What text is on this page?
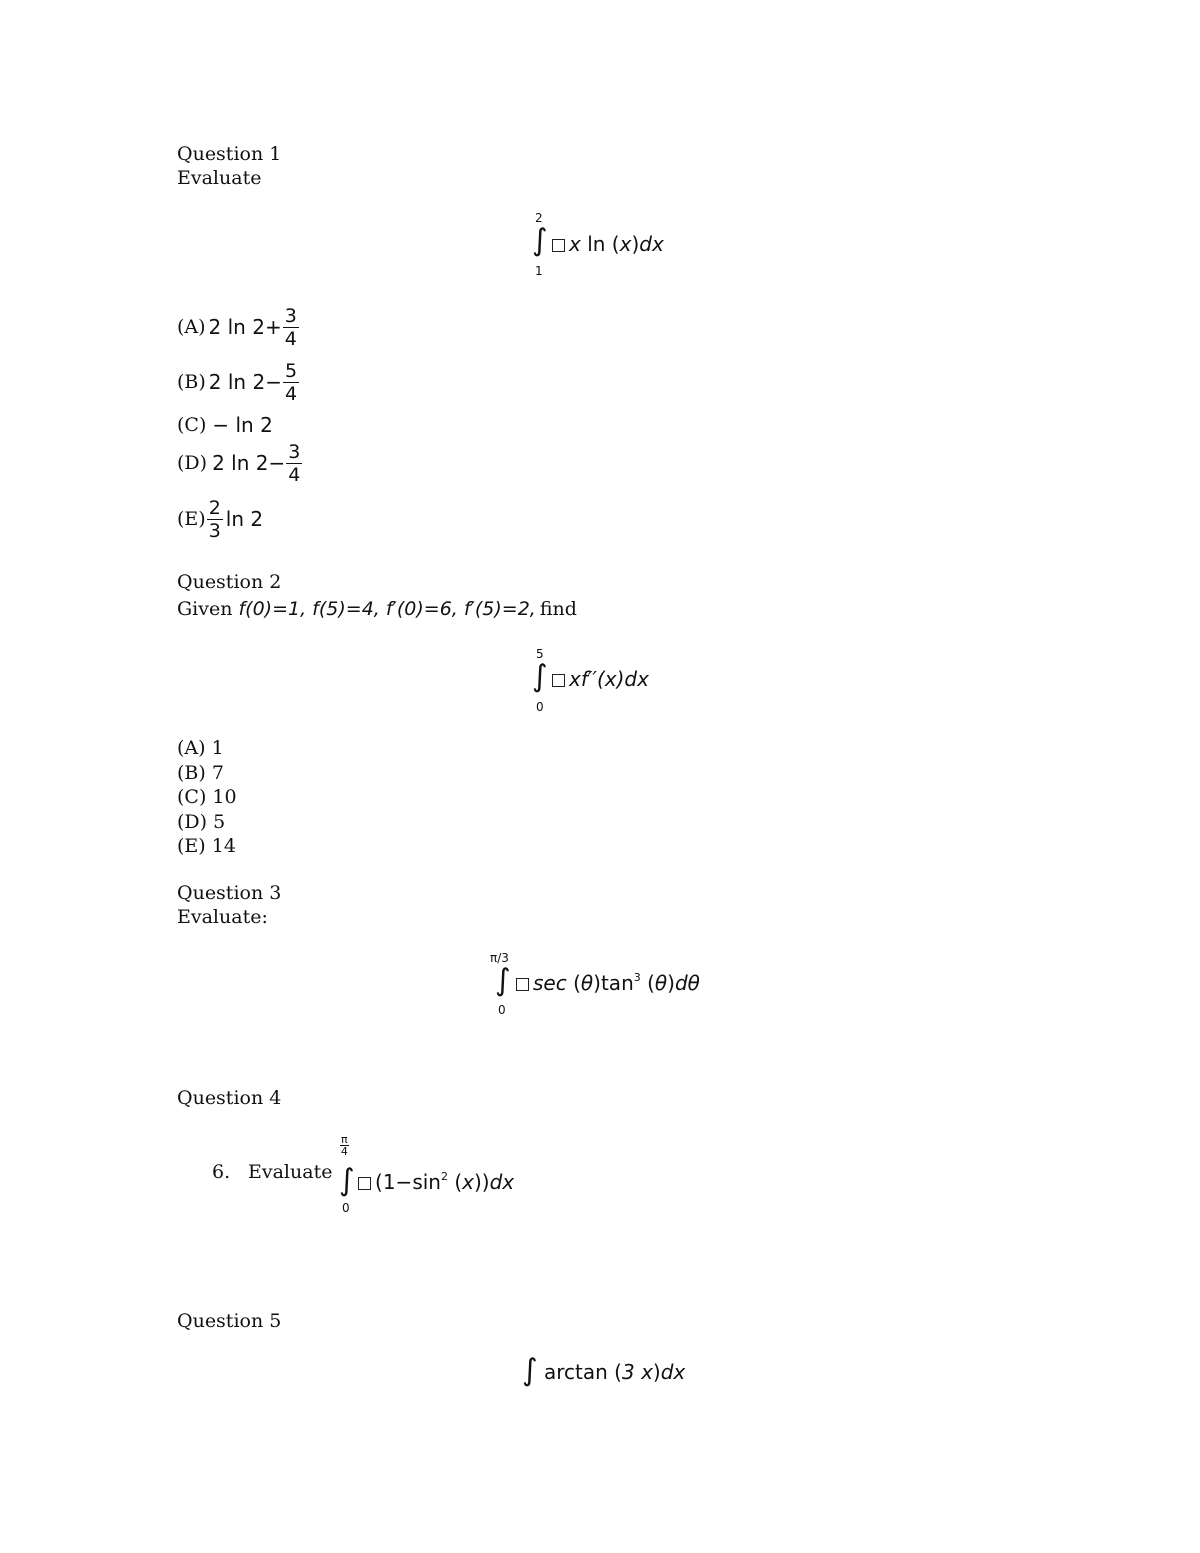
Question 1
Evaluate
2
∫
1
x ln (x)dx
(A) 2 $\ln 2+ \frac{3}{4}$
(B) 2 $\ln 2- \frac{5}{4}$
(C) − ln 2
(D) 2 $\ln 2- \frac{3}{4}$
$(E) \frac{2}{3}$ ln 2
Question 2
Given f(0)=1, f(5)=4, f′(0)=6, f′(5)=2, find
5
∫
0
xf′′(x)dx
(A) 1
(B) 7
(C) 10
(D) 5
(E) 14
Question 3
Evaluate:
π/3
∫
0
$\sec (\theta)\tan^3$ (θ)dθ
Question 4
6. Evaluate
$\frac{\pi}{4}$
∫
0
($1-\sin^2$ (x))dx
Question 5
∫ arctan (3 x)dx
